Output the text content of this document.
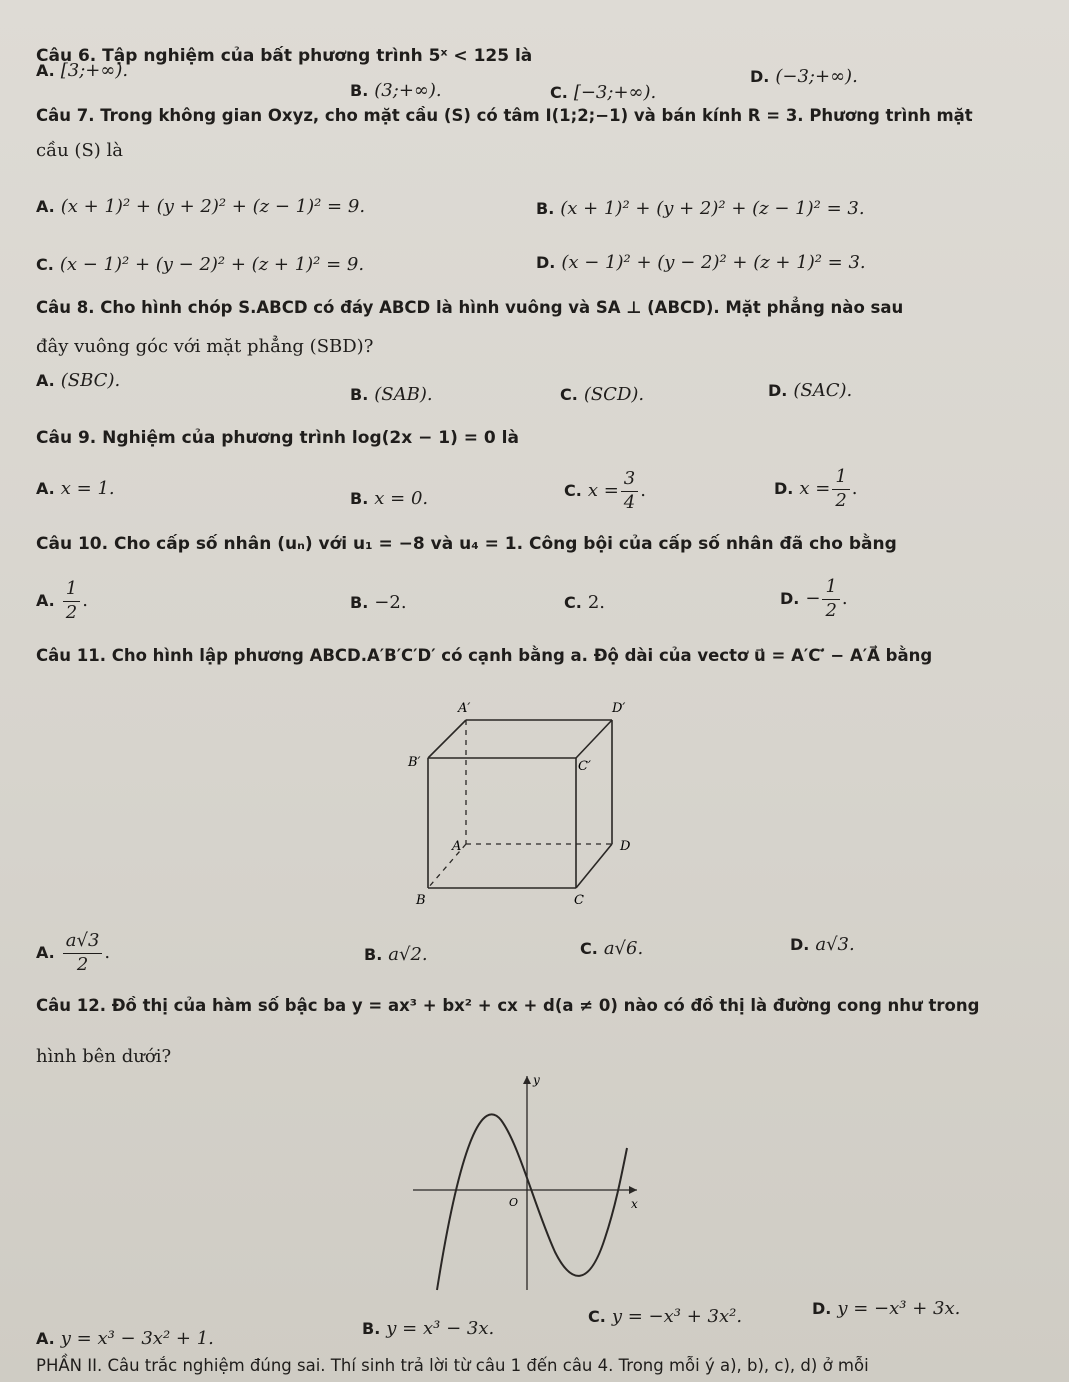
Câu 6. Tập nghiệm của bất phương trình 5ˣ < 125 là
A. [3;+∞).
B. (3;+∞).	C. [−3;+∞).
D. (−3;+∞).
Câu 7. Trong không gian Oxyz, cho mặt cầu (S) có tâm I(1;2;−1) và bán kính R = 3. Phương trình mặt
cầu (S) là
A. (x + 1)² + (y + 2)² + (z − 1)² = 9.	B. (x + 1)² + (y + 2)² + (z − 1)² = 3.
C. (x − 1)² + (y − 2)² + (z + 1)² = 9.	D. (x − 1)² + (y − 2)² + (z + 1)² = 3.
Câu 8. Cho hình chóp S.ABCD có đáy ABCD là hình vuông và SA ⊥ (ABCD). Mặt phẳng nào sau
đây vuông góc với mặt phẳng (SBD)?
A. (SBC).
B. (SAB).	C. (SCD).	D. (SAC).
Câu 9. Nghiệm của phương trình log(2x − 1) = 0 là
A. x = 1.	B. x = 0.	C. $x = \frac{3}{4}$ .	D. $x = \frac{1}{2}$ .
Câu 10. Cho cấp số nhân (uₙ) với u₁ = −8 và u₄ = 1. Công bội của cấp số nhân đã cho bằng
A. $\frac{1}{2}$ .	B. −2.	C. 2.	D. − $\frac{1}{2}$ .
Câu 11. Cho hình lập phương ABCD.A′B′C′D′ có cạnh bằng a. Độ dài của vectơ u⃗ = A′C′⃗ − A′A⃗ bằng
A′	D′
B′	C′
A	D
B	C
A. $\frac{a√3}{2}$ .	B. a√2.	C. a√6.	D. a√3.
Câu 12. Đồ thị của hàm số bậc ba y = ax³ + bx² + cx + d(a ≠ 0) nào có đồ thị là đường cong như trong
hình bên dưới?
y
x
O
A. y = x³ − 3x² + 1.	B. y = x³ − 3x.
C. y = −x³ + 3x².	D. y = −x³ + 3x.
PHẦN II. Câu trắc nghiệm đúng sai. Thí sinh trả lời từ câu 1 đến câu 4. Trong mỗi ý a), b), c), d) ở mỗi
